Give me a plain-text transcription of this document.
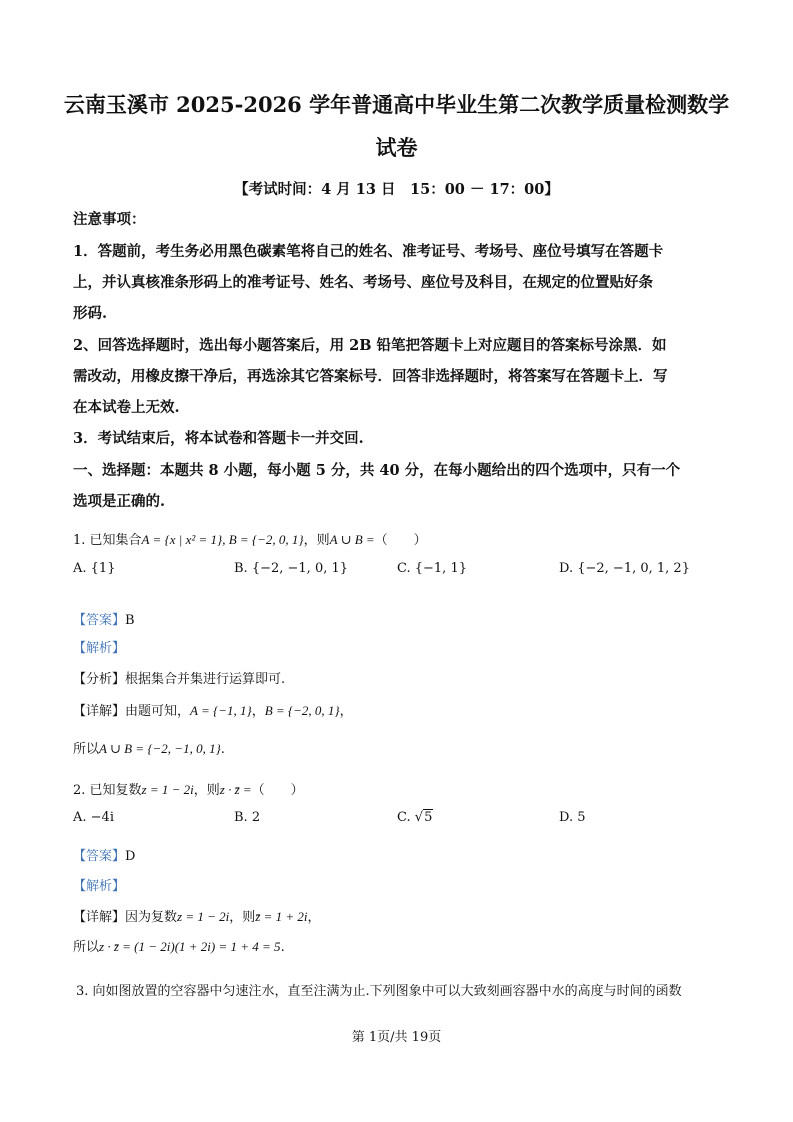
云南玉溪市 2025-2026 学年普通高中毕业生第二次教学质量检测数学
试卷
【考试时间：4 月 13 日　15：00 － 17：00】
注意事项：
1．答题前，考生务必用黑色碳素笔将自己的姓名、准考证号、考场号、座位号填写在答题卡
上，并认真核准条形码上的准考证号、姓名、考场号、座位号及科目，在规定的位置贴好条
形码.
2、回答选择题时，选出每小题答案后，用 2B 铅笔把答题卡上对应题目的答案标号涂黑．如
需改动，用橡皮擦干净后，再选涂其它答案标号．回答非选择题时，将答案写在答题卡上．写
在本试卷上无效.
3．考试结束后，将本试卷和答题卡一并交回.
一、选择题：本题共 8 小题，每小题 5 分，共 40 分，在每小题给出的四个选项中，只有一个
选项是正确的.
1. 已知集合A = {x | x² = 1}, B = {−2, 0, 1}，则A ∪ B =（　　）
A. {1}	B. {−2, −1, 0, 1}	C. {−1, 1}	D. {−2, −1, 0, 1, 2}
【答案】B
【解析】
【分析】根据集合并集进行运算即可.
【详解】由题可知，A = {−1, 1}，B = {−2, 0, 1}，
所以A ∪ B = {−2, −1, 0, 1}.
2. 已知复数z = 1 − 2i，则z · z̄ =（　　）
A. −4i	B. 2	C. √5	D. 5
【答案】D
【解析】
【详解】因为复数z = 1 − 2i，则z̄ = 1 + 2i，
所以z · z̄ = (1 − 2i)(1 + 2i) = 1 + 4 = 5.
3. 向如图放置的空容器中匀速注水，直至注满为止.下列图象中可以大致刻画容器中水的高度与时间的函数
第 1页/共 19页
